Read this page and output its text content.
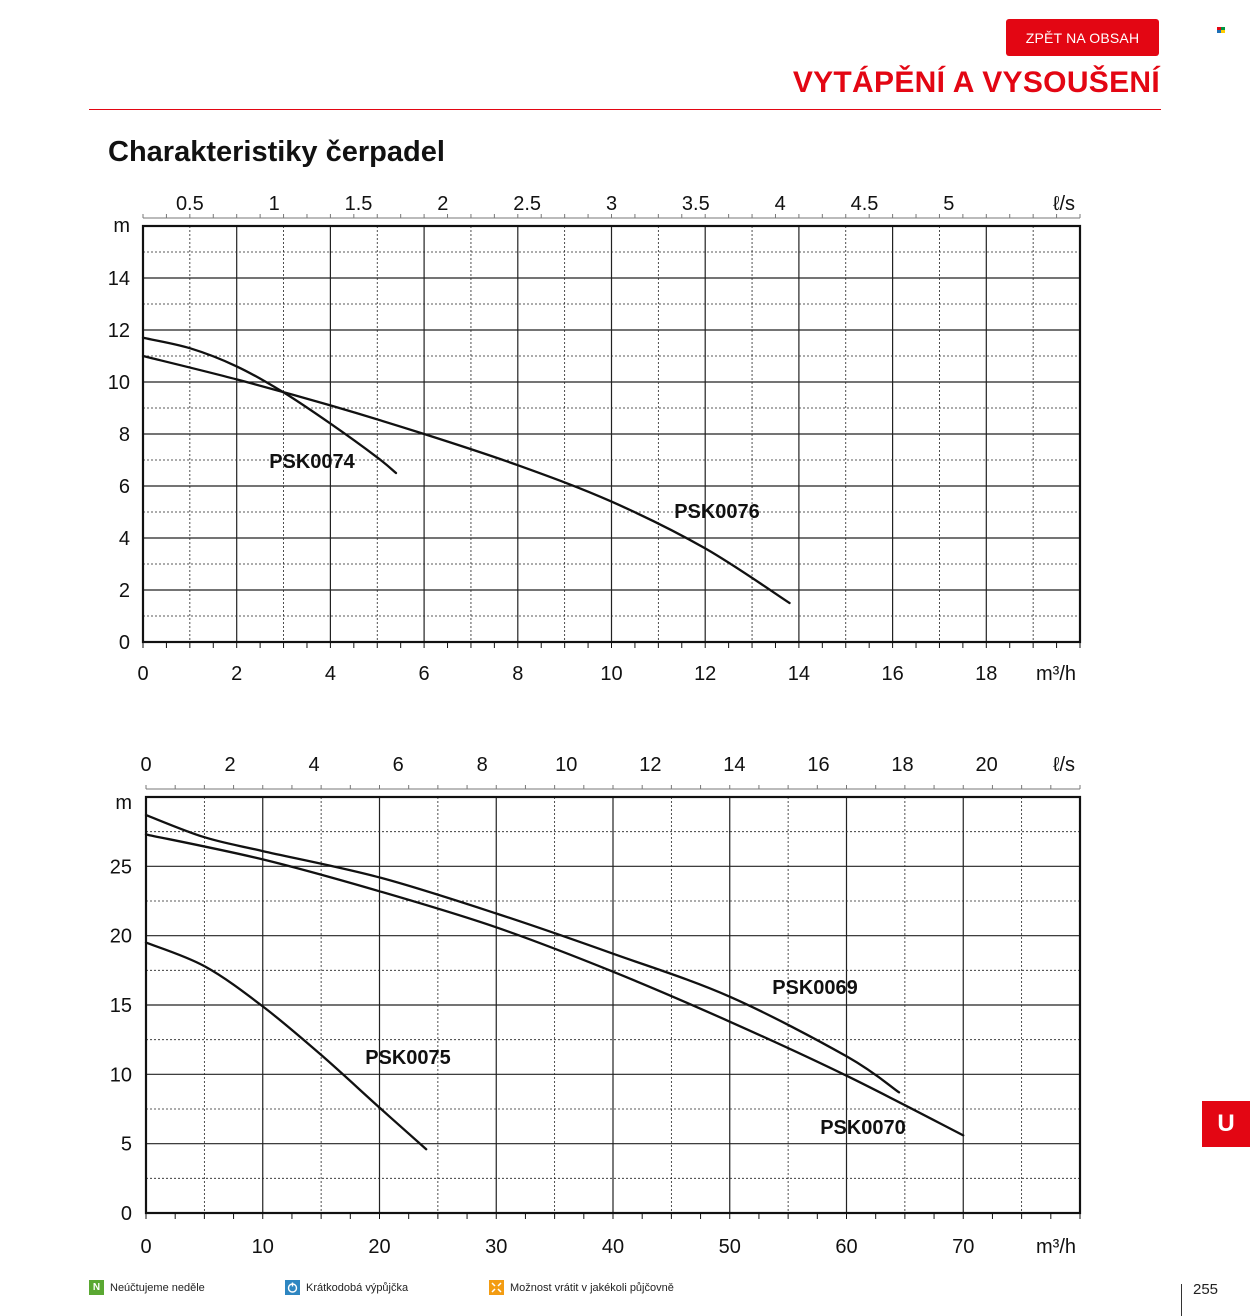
ZPĚT NA OBSAH
VYTÁPĚNÍ A VYSOUŠENÍ
Charakteristiky čerpadel
0
2
4
6
8
10
12
14
m
0	2	4	6	8	10	12	14	16	18 m³/h
0.5	1	1.5	2	2.5	3	3.5	4	4.5	5	ℓ/s
PSK0074
PSK0076
0
5
10
15
20
25
m
0	10	20	30	40	50	60	70	m³/h
0	2	4	6	8	10	12	14	16	18	20	ℓ/s
PSK0075
PSK0069
PSK0070	U
N Neúčtujeme neděle	Krátkodobá výpůjčka	Možnost vrátit v jakékoli půjčovně	255
